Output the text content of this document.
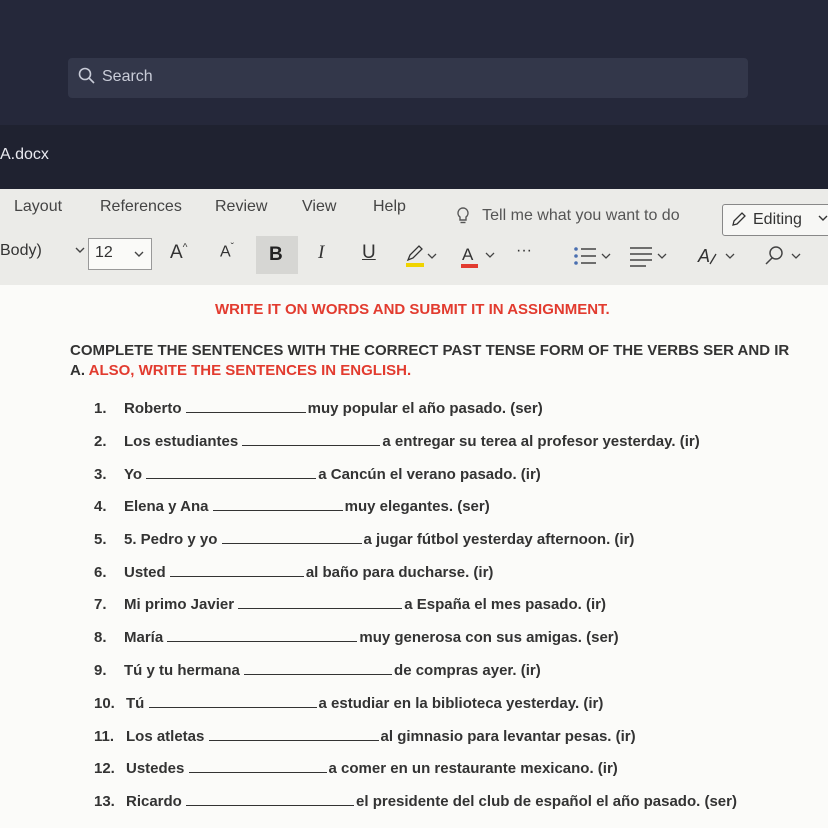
Search
A.docx
Layout References Review View Help
Tell me what you want to do	Editing
Body)	12	A^ $A^ˇ$ B I U	A	···	A
WRITE IT ON WORDS AND SUBMIT IT IN ASSIGNMENT.
COMPLETE THE SENTENCES WITH THE CORRECT PAST TENSE FORM OF THE VERBS SER AND IR
A. ALSO, WRITE THE SENTENCES IN ENGLISH.
1.Roberto	muy popular el año pasado. (ser)
2.Los estudiantes	a entregar su terea al profesor yesterday. (ir)
3.Yo	a Cancún el verano pasado. (ir)
4.Elena y Ana	muy elegantes. (ser)
5.5. Pedro y yo	a jugar fútbol yesterday afternoon. (ir)
6.Usted	al baño para ducharse. (ir)
7.Mi primo Javier	a España el mes pasado. (ir)
8.María	muy generosa con sus amigas. (ser)
9.Tú y tu hermana	de compras ayer. (ir)
10.Tú	a estudiar en la biblioteca yesterday. (ir)
11.Los atletas	al gimnasio para levantar pesas. (ir)
12.Ustedes	a comer en un restaurante mexicano. (ir)
13.Ricardo	el presidente del club de español el año pasado. (ser)
